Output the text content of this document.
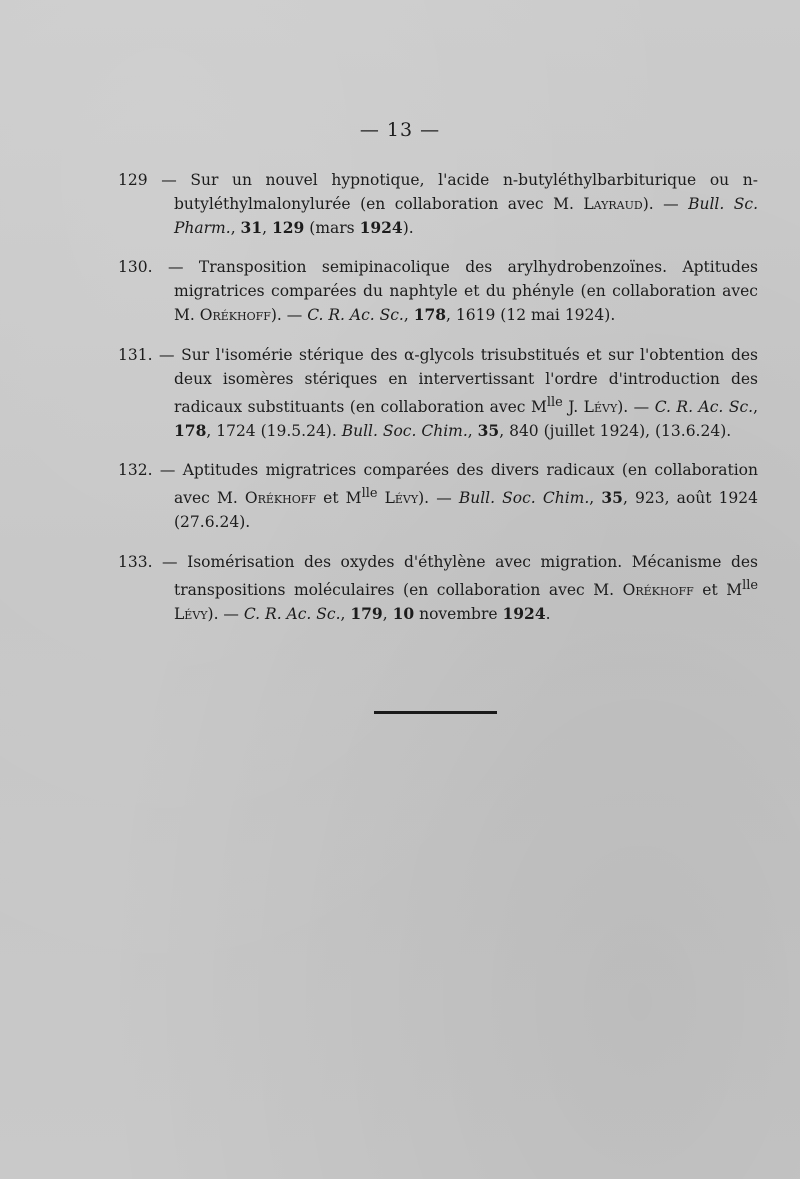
— 13 —

129 — Sur un nouvel hypnotique, l'acide n-butyléthylbarbiturique ou n-butyléthylmalonylurée (en collaboration avec M. Layraud). — Bull. Sc. Pharm., 31, 129 (mars 1924).

130. — Transposition semipinacolique des arylhydrobenzoïnes. Aptitudes migratrices comparées du naphtyle et du phényle (en collaboration avec M. Orékhoff). — C. R. Ac. Sc., 178, 1619 (12 mai 1924).

131. — Sur l'isomérie stérique des α-glycols trisubstitués et sur l'obtention des deux isomères stériques en intervertissant l'ordre d'introduction des radicaux substituants (en collaboration avec $M^{lle}$ J. Lévy). — C. R. Ac. Sc., 178, 1724 (19.5.24). Bull. Soc. Chim., 35, 840 (juillet 1924), (13.6.24).

132. — Aptitudes migratrices comparées des divers radicaux (en collaboration avec M. Orékhoff et $M^{lle}$ Lévy). — Bull. Soc. Chim., 35, 923, août 1924 (27.6.24).

133. — Isomérisation des oxydes d'éthylène avec migration. Mécanisme des transpositions moléculaires (en collaboration avec M. Orékhoff et $M^{lle}$ Lévy). — C. R. Ac. Sc., 179, 10 novembre 1924.
